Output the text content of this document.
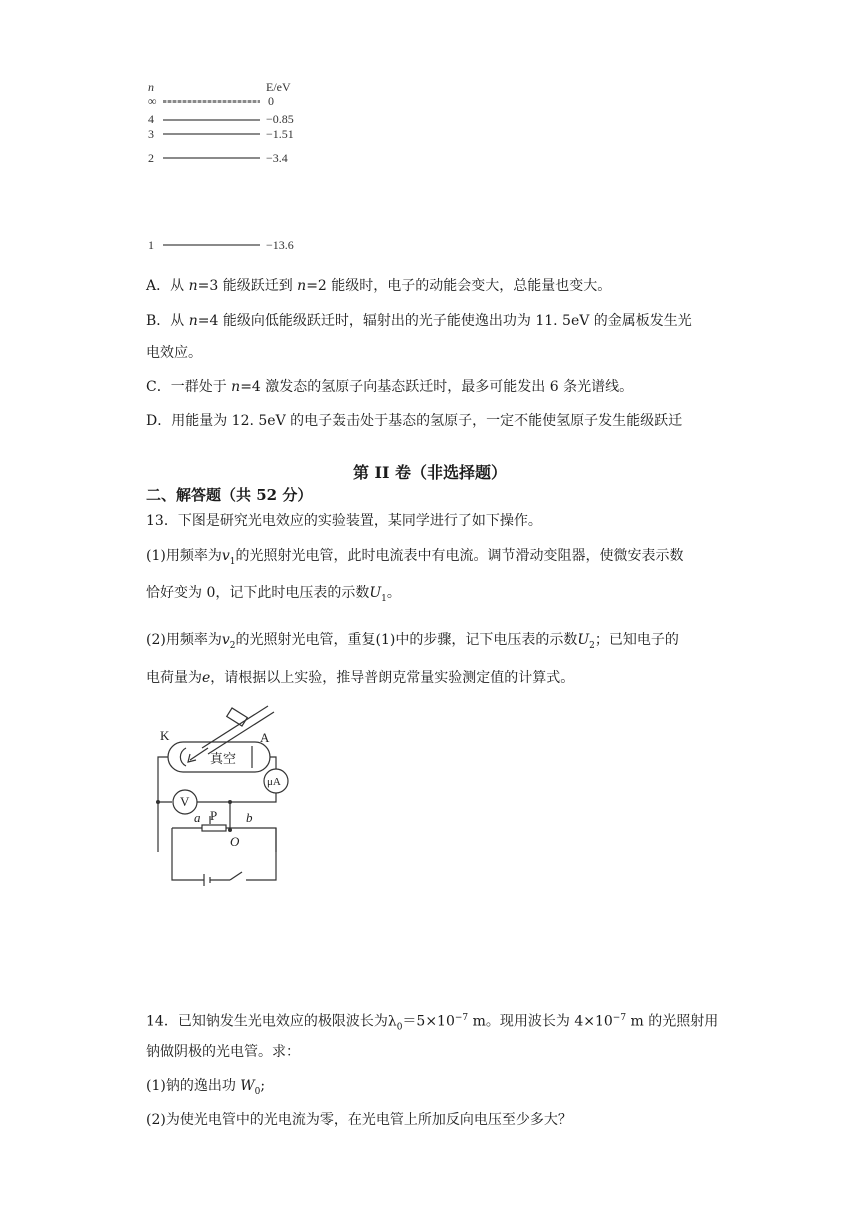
n	E/eV
∞	0
4	−0.85
3	−1.51
2	−3.4
1	−13.6
A．从 n=3 能级跃迁到 n=2 能级时，电子的动能会变大，总能量也变大。
B．从 n=4 能级向低能级跃迁时，辐射出的光子能使逸出功为 11. 5eV 的金属板发生光
电效应。
C．一群处于 n=4 激发态的氢原子向基态跃迁时，最多可能发出 6 条光谱线。
D．用能量为 12. 5eV 的电子轰击处于基态的氢原子，一定不能使氢原子发生能级跃迁
第 II 卷（非选择题）
二、解答题（共 52 分）
13．下图是研究光电效应的实验装置，某同学进行了如下操作。
(1)用频率为$v_1$的光照射光电管，此时电流表中有电流。调节滑动变阻器，使微安表示数
恰好变为 0，记下此时电压表的示数$U_1$。
(2)用频率为$v_2$的光照射光电管，重复(1)中的步骤，记下电压表的示数$U_2$；已知电子的
电荷量为e，请根据以上实验，推导普朗克常量实验测定值的计算式。
K	A
真空
μA
V
P
a	b
O
14．已知钠发生光电效应的极限波长为$\lambda_0=5\times 10^{-7}$ m。现用波长为 $4\times 10^{-7}$ m 的光照射用
钠做阴极的光电管。求：
(1)钠的逸出功 $W_0$;
(2)为使光电管中的光电流为零，在光电管上所加反向电压至少多大？
